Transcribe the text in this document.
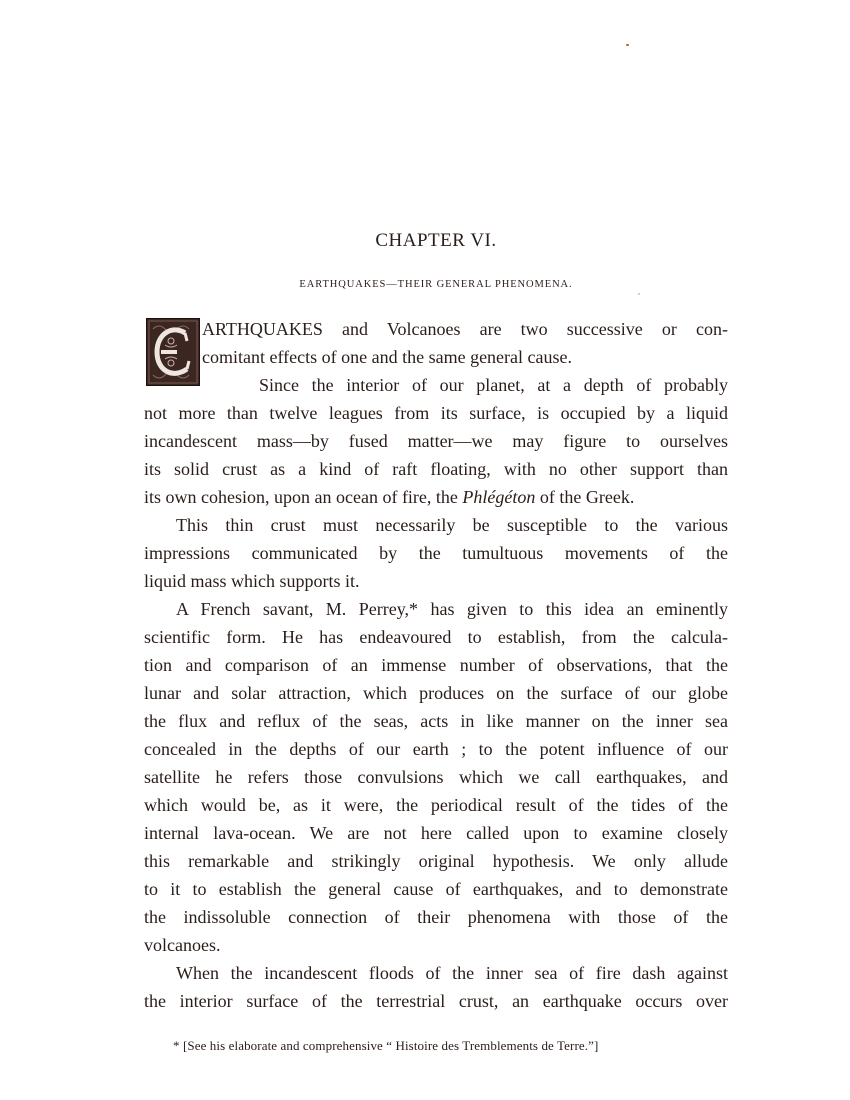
CHAPTER VI.
EARTHQUAKES—THEIR GENERAL PHENOMENA.
ARTHQUAKES and Volcanoes are two successive or con-
comitant effects of one and the same general cause.
Since the interior of our planet, at a depth of probably
not more than twelve leagues from its surface, is occupied by a liquid
incandescent mass—by fused matter—we may figure to ourselves
its solid crust as a kind of raft floating, with no other support than
its own cohesion, upon an ocean of fire, the Phlégéton of the Greek.
This thin crust must necessarily be susceptible to the various
impressions communicated by the tumultuous movements of the
liquid mass which supports it.
A French savant, M. Perrey,* has given to this idea an eminently
scientific form. He has endeavoured to establish, from the calcula-
tion and comparison of an immense number of observations, that the
lunar and solar attraction, which produces on the surface of our globe
the flux and reflux of the seas, acts in like manner on the inner sea
concealed in the depths of our earth ; to the potent influence of our
satellite he refers those convulsions which we call earthquakes, and
which would be, as it were, the periodical result of the tides of the
internal lava-ocean. We are not here called upon to examine closely
this remarkable and strikingly original hypothesis. We only allude
to it to establish the general cause of earthquakes, and to demonstrate
the indissoluble connection of their phenomena with those of the
volcanoes.
When the incandescent floods of the inner sea of fire dash against
the interior surface of the terrestrial crust, an earthquake occurs over
* [See his elaborate and comprehensive “ Histoire des Tremblements de Terre.”]
